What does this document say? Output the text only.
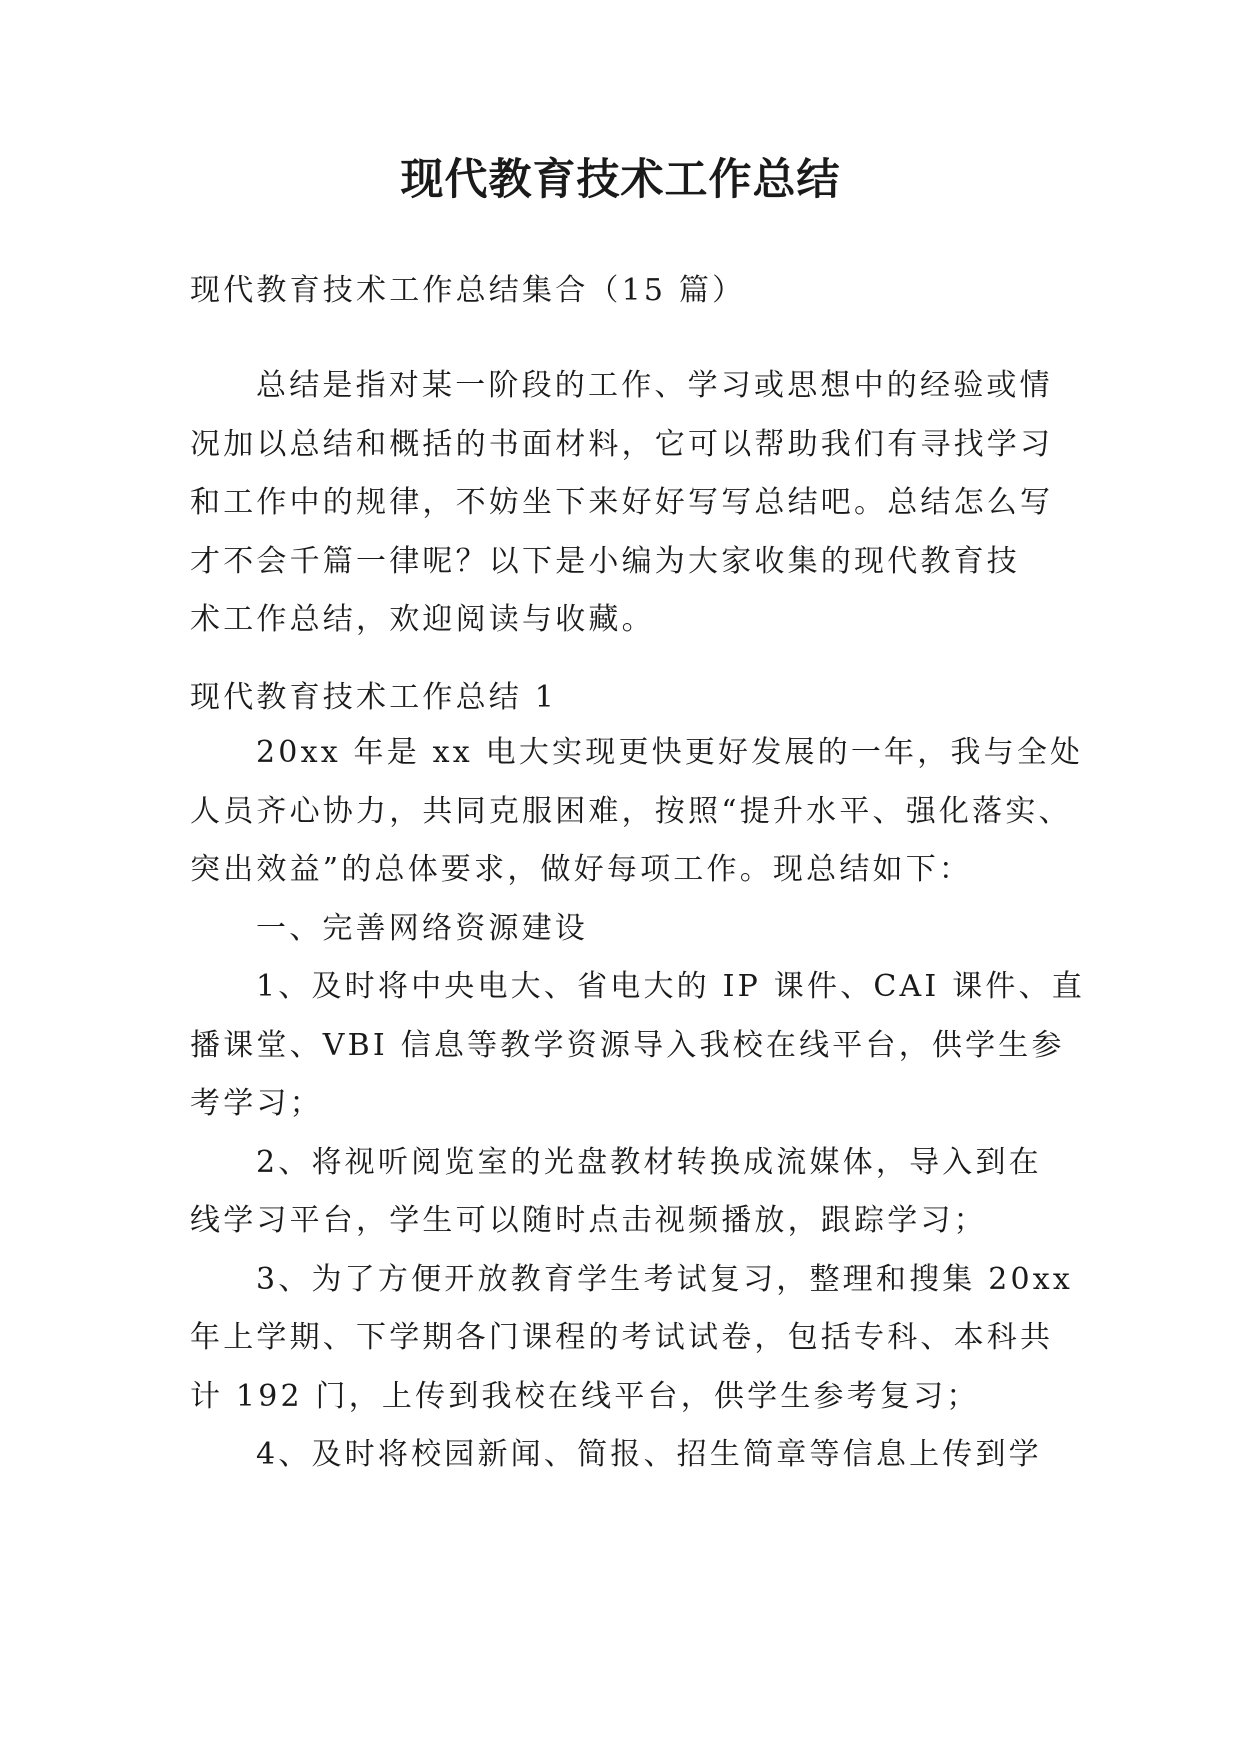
现代教育技术工作总结
现代教育技术工作总结集合（15 篇）
总结是指对某一阶段的工作、学习或思想中的经验或情
况加以总结和概括的书面材料，它可以帮助我们有寻找学习
和工作中的规律，不妨坐下来好好写写总结吧。总结怎么写
才不会千篇一律呢？以下是小编为大家收集的现代教育技
术工作总结，欢迎阅读与收藏。
现代教育技术工作总结 1
20xx 年是 xx 电大实现更快更好发展的一年，我与全处
人员齐心协力，共同克服困难，按照“提升水平、强化落实、
突出效益”的总体要求，做好每项工作。现总结如下：
一、完善网络资源建设
1、及时将中央电大、省电大的 IP 课件、CAI 课件、直
播课堂、VBI 信息等教学资源导入我校在线平台，供学生参
考学习；
2、将视听阅览室的光盘教材转换成流媒体，导入到在
线学习平台，学生可以随时点击视频播放，跟踪学习；
3、为了方便开放教育学生考试复习，整理和搜集 20xx
年上学期、下学期各门课程的考试试卷，包括专科、本科共
计 192 门，上传到我校在线平台，供学生参考复习；
4、及时将校园新闻、简报、招生简章等信息上传到学
